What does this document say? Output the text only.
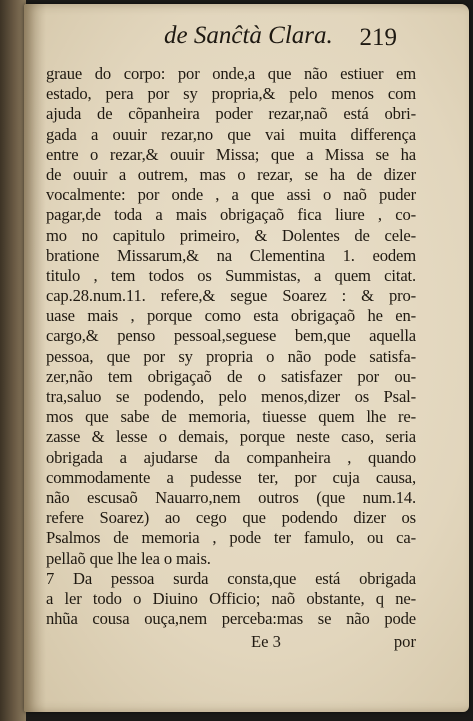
de Sanĉtà Clara. 219
graue do corpo: por onde,a que não estiuer em
estado, pera por sy propria,& pelo menos com
ajuda de cõpanheira poder rezar,naõ está obri-
gada a ouuir rezar,no que vai muita differença
entre o rezar,& ouuir Missa; que a Missa se ha
de ouuir a outrem, mas o rezar, se ha de dizer
vocalmente: por onde , a que assi o naõ puder
pagar,de toda a mais obrigaçaõ fica liure , co-
mo no capitulo primeiro, & Dolentes de cele-
bratione Missarum,& na Clementina 1. eodem
titulo , tem todos os Summistas, a quem citat.
cap.28.num.11. refere,& segue Soarez : & pro-
uase mais , porque como esta obrigaçaõ he en-
cargo,& penso pessoal,seguese bem,que aquella
pessoa, que por sy propria o não pode satisfa-
zer,não tem obrigaçaõ de o satisfazer por ou-
tra,saluo se podendo, pelo menos,dizer os Psal-
mos que sabe de memoria, tiuesse quem lhe re-
zasse & lesse o demais, porque neste caso, seria
obrigada a ajudarse da companheira , quando
commodamente a pudesse ter, por cuja causa,
não escusaõ Nauarro,nem outros (que num.14.
refere Soarez) ao cego que podendo dizer os
Psalmos de memoria , pode ter famulo, ou ca-
pellaõ que lhe lea o mais.
7 Da pessoa surda consta,que está obrigada
a ler todo o Diuino Officio; naõ obstante, q ne-
nhũa cousa ouça,nem perceba:mas se não pode
Ee 3	por
